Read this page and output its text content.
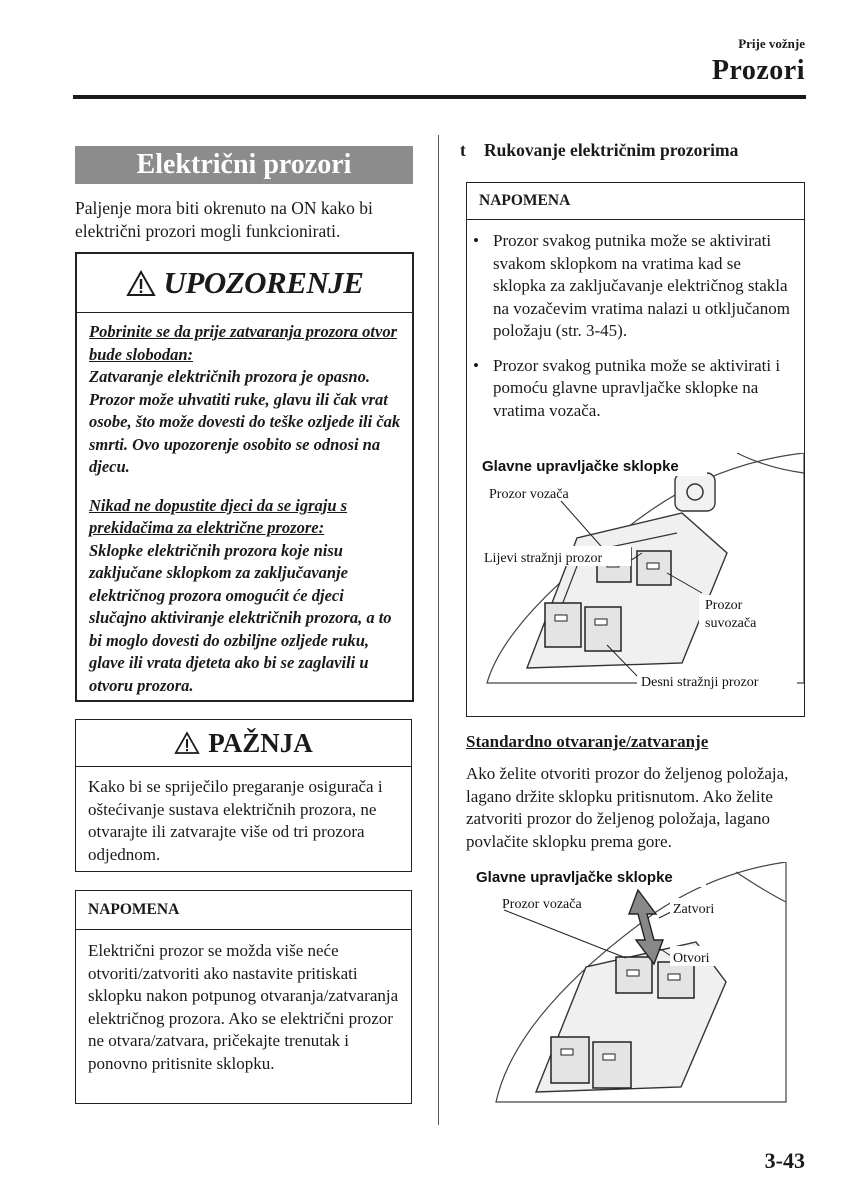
Prije vožnje
Prozori
Električni prozori
Paljenje mora biti okrenuto na ON kako bi električni prozori mogli funkcionirati.
UPOZORENJE

Pobrinite se da prije zatvaranja prozora otvor bude slobodan:
Zatvaranje električnih prozora je opasno. Prozor može uhvatiti ruke, glavu ili čak vrat osobe, što može dovesti do teške ozljede ili čak smrti. Ovo upozorenje osobito se odnosi na djecu.

Nikad ne dopustite djeci da se igraju s prekidačima za električne prozore:
Sklopke električnih prozora koje nisu zaključane sklopkom za zaključavanje električnog prozora omogućit će djeci slučajno aktiviranje električnih prozora, a to bi moglo dovesti do ozbiljne ozljede ruku, glave ili vrata djeteta ako bi se zaglavili u otvoru prozora.

PAŽNJA
Kako bi se spriječilo pregaranje osigurača i oštećivanje sustava električnih prozora, ne otvarajte ili zatvarajte više od tri prozora odjednom.
NAPOMENA
Električni prozor se možda više neće otvoriti/zatvoriti ako nastavite pritiskati sklopku nakon potpunog otvaranja/zatvaranja električnog prozora. Ako se električni prozor ne otvara/zatvara, pričekajte trenutak i ponovno pritisnite sklopku.
t Rukovanje električnim prozorima
NAPOMENA
• Prozor svakog putnika može se aktivirati svakom sklopkom na vratima kad se sklopka za zaključavanje električnog stakla na vozačevim vratima nalazi u otključanom položaju (str. 3-45).
• Prozor svakog putnika može se aktivirati i pomoću glavne upravljačke sklopke na vratima vozača.
Glavne upravljačke sklopke
Prozor vozača
Lijevi stražnji prozor
Prozor
suvozača
Desni stražnji prozor
Standardno otvaranje/zatvaranje
Ako želite otvoriti prozor do željenog položaja, lagano držite sklopku pritisnutom. Ako želite zatvoriti prozor do željenog položaja, lagano povlačite sklopku prema gore.
Glavne upravljačke sklopke
Prozor vozača	Zatvori
Otvori
3-43
